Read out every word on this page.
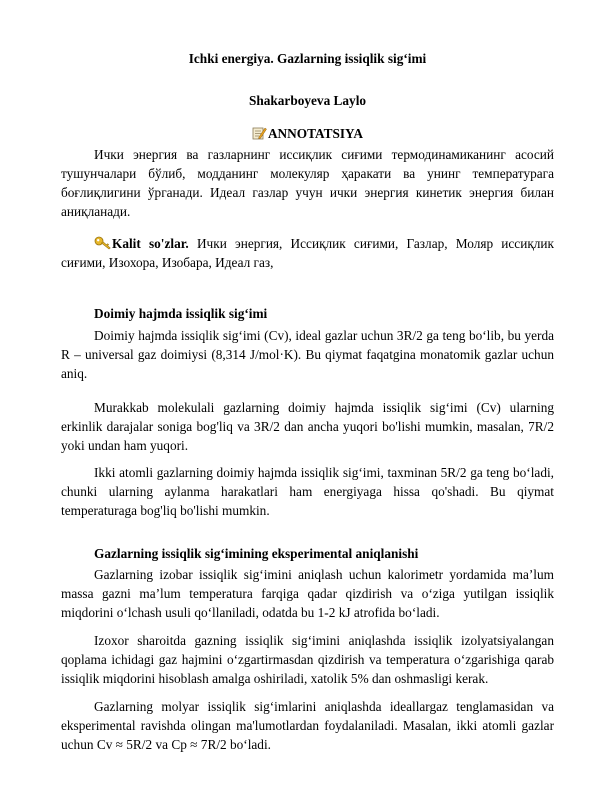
Ichki energiya. Gazlarning issiqlik sig‘imi
Shakarboyeva Laylo
ANNOTATSIYA
Ички энергия ва газларнинг иссиқлик сиғими термодинамиканинг асосий тушунчалари бўлиб, модданинг молекуляр ҳаракати ва унинг температурага боғлиқлигини ўрганади. Идеал газлар учун ички энергия кинетик энергия билан аниқланади.
Kalit so'zlar. Ички энергия, Иссиқлик сиғими, Газлар, Моляр иссиқлик сиғими, Изохора, Изобара, Идеал газ,
Doimiy hajmda issiqlik sig‘imi
Doimiy hajmda issiqlik sig‘imi (Cv), ideal gazlar uchun 3R/2 ga teng bo‘lib, bu yerda R – universal gaz doimiysi (8,314 J/mol·K). Bu qiymat faqatgina monatomik gazlar uchun aniq.
Murakkab molekulali gazlarning doimiy hajmda issiqlik sig‘imi (Cv) ularning erkinlik darajalar soniga bog'liq va 3R/2 dan ancha yuqori bo'lishi mumkin, masalan, 7R/2 yoki undan ham yuqori.
Ikki atomli gazlarning doimiy hajmda issiqlik sig‘imi, taxminan 5R/2 ga teng bo‘ladi, chunki ularning aylanma harakatlari ham energiyaga hissa qo'shadi. Bu qiymat temperaturaga bog'liq bo'lishi mumkin.
Gazlarning issiqlik sig‘imining eksperimental aniqlanishi
Gazlarning izobar issiqlik sig‘imini aniqlash uchun kalorimetr yordamida ma’lum massa gazni ma’lum temperatura farqiga qadar qizdirish va o‘ziga yutilgan issiqlik miqdorini o‘lchash usuli qo‘llaniladi, odatda bu 1-2 kJ atrofida bo‘ladi.
Izoxor sharoitda gazning issiqlik sig‘imini aniqlashda issiqlik izolyatsiyalangan qoplama ichidagi gaz hajmini o‘zgartirmasdan qizdirish va temperatura o‘zgarishiga qarab issiqlik miqdorini hisoblash amalga oshiriladi, xatolik 5% dan oshmasligi kerak.
Gazlarning molyar issiqlik sig‘imlarini aniqlashda ideallargaz tenglamasidan va eksperimental ravishda olingan ma'lumotlardan foydalaniladi. Masalan, ikki atomli gazlar uchun Cv ≈ 5R/2 va Cp ≈ 7R/2 bo‘ladi.
